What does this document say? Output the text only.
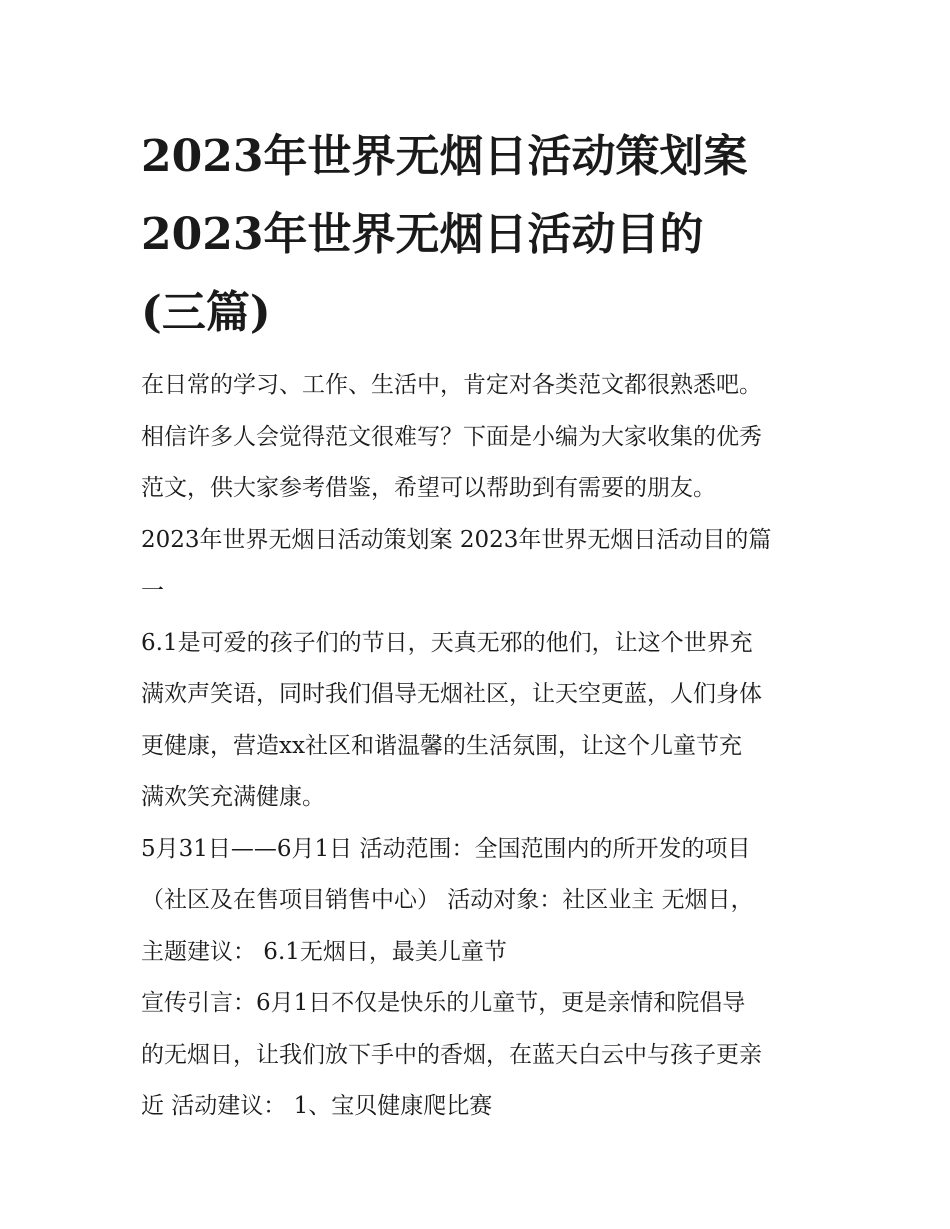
2023年世界无烟日活动策划案
2023年世界无烟日活动目的
(三篇)
在日常的学习、工作、生活中，肯定对各类范文都很熟悉吧。
相信许多人会觉得范文很难写？下面是小编为大家收集的优秀
范文，供大家参考借鉴，希望可以帮助到有需要的朋友。
2023年世界无烟日活动策划案 2023年世界无烟日活动目的篇
一
6.1是可爱的孩子们的节日，天真无邪的他们，让这个世界充
满欢声笑语，同时我们倡导无烟社区，让天空更蓝，人们身体
更健康，营造xx社区和谐温馨的生活氛围，让这个儿童节充
满欢笑充满健康。
5月31日——6月1日 活动范围：全国范围内的所开发的项目
（社区及在售项目销售中心） 活动对象：社区业主 无烟日，
主题建议： 6.1无烟日，最美儿童节
宣传引言：6月1日不仅是快乐的儿童节，更是亲情和院倡导
的无烟日，让我们放下手中的香烟，在蓝天白云中与孩子更亲
近 活动建议： 1、宝贝健康爬比赛
